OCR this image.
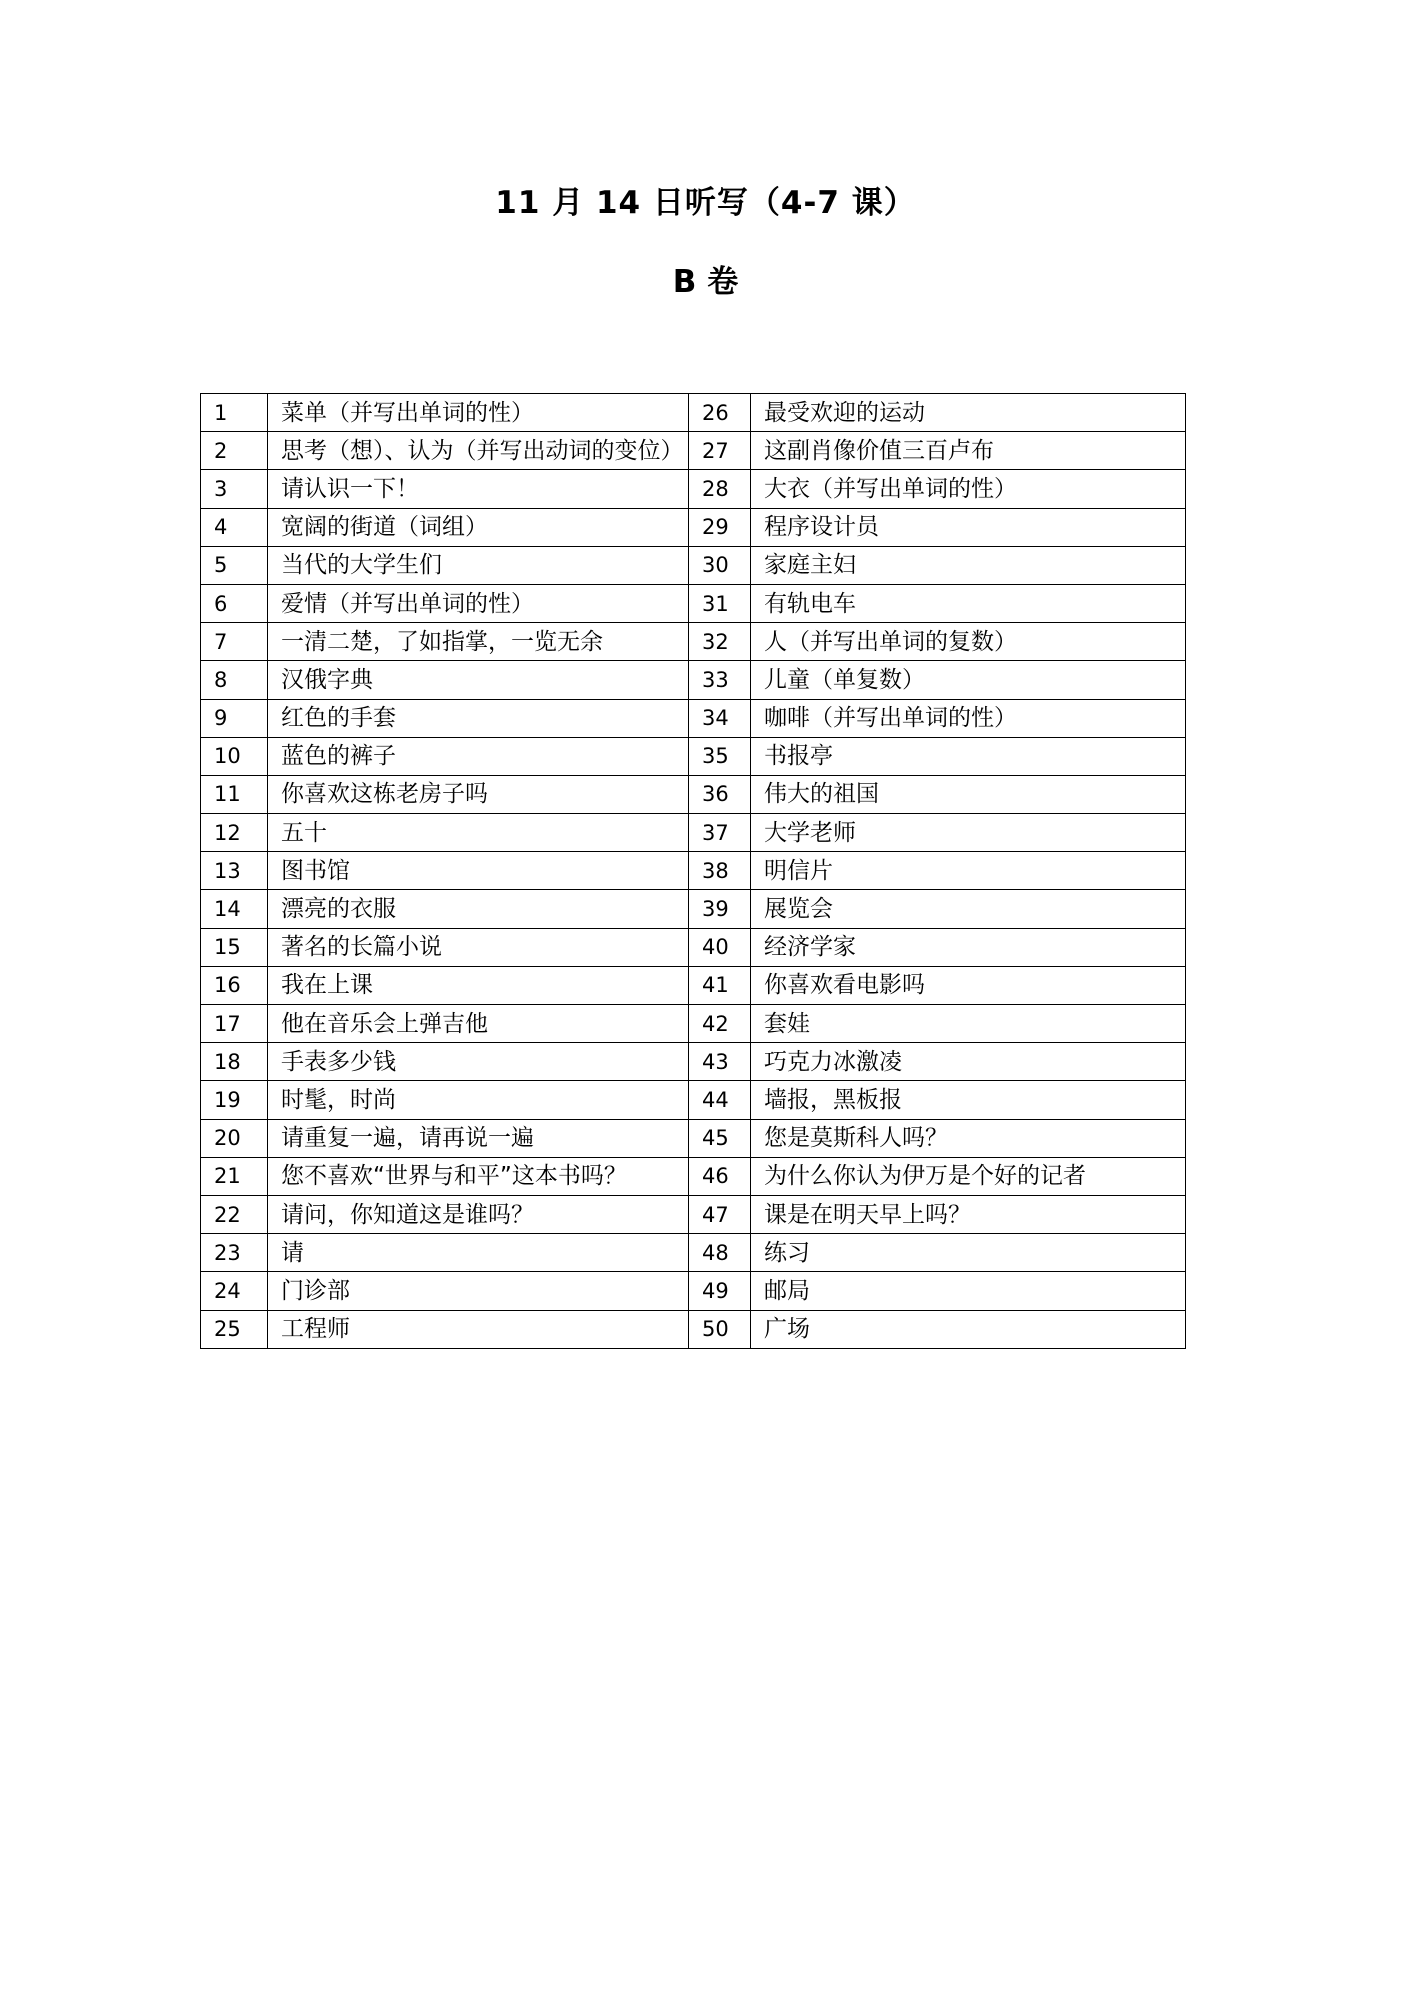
11 月 14 日听写（4-7 课）
B 卷
1	菜单（并写出单词的性）	26	最受欢迎的运动
2	思考（想）、认为（并写出动词的变位）	27	这副肖像价值三百卢布
3	请认识一下！	28	大衣（并写出单词的性）
4	宽阔的街道（词组）	29	程序设计员
5	当代的大学生们	30	家庭主妇
6	爱情（并写出单词的性）	31	有轨电车
7	一清二楚，了如指掌，一览无余	32	人（并写出单词的复数）
8	汉俄字典	33	儿童（单复数）
9	红色的手套	34	咖啡（并写出单词的性）
10	蓝色的裤子	35	书报亭
11	你喜欢这栋老房子吗	36	伟大的祖国
12	五十	37	大学老师
13	图书馆	38	明信片
14	漂亮的衣服	39	展览会
15	著名的长篇小说	40	经济学家
16	我在上课	41	你喜欢看电影吗
17	他在音乐会上弹吉他	42	套娃
18	手表多少钱	43	巧克力冰激凌
19	时髦，时尚	44	墙报，黑板报
20	请重复一遍，请再说一遍	45	您是莫斯科人吗？
21	您不喜欢“世界与和平”这本书吗？	46	为什么你认为伊万是个好的记者
22	请问，你知道这是谁吗？	47	课是在明天早上吗？
23	请	48	练习
24	门诊部	49	邮局
25	工程师	50	广场
